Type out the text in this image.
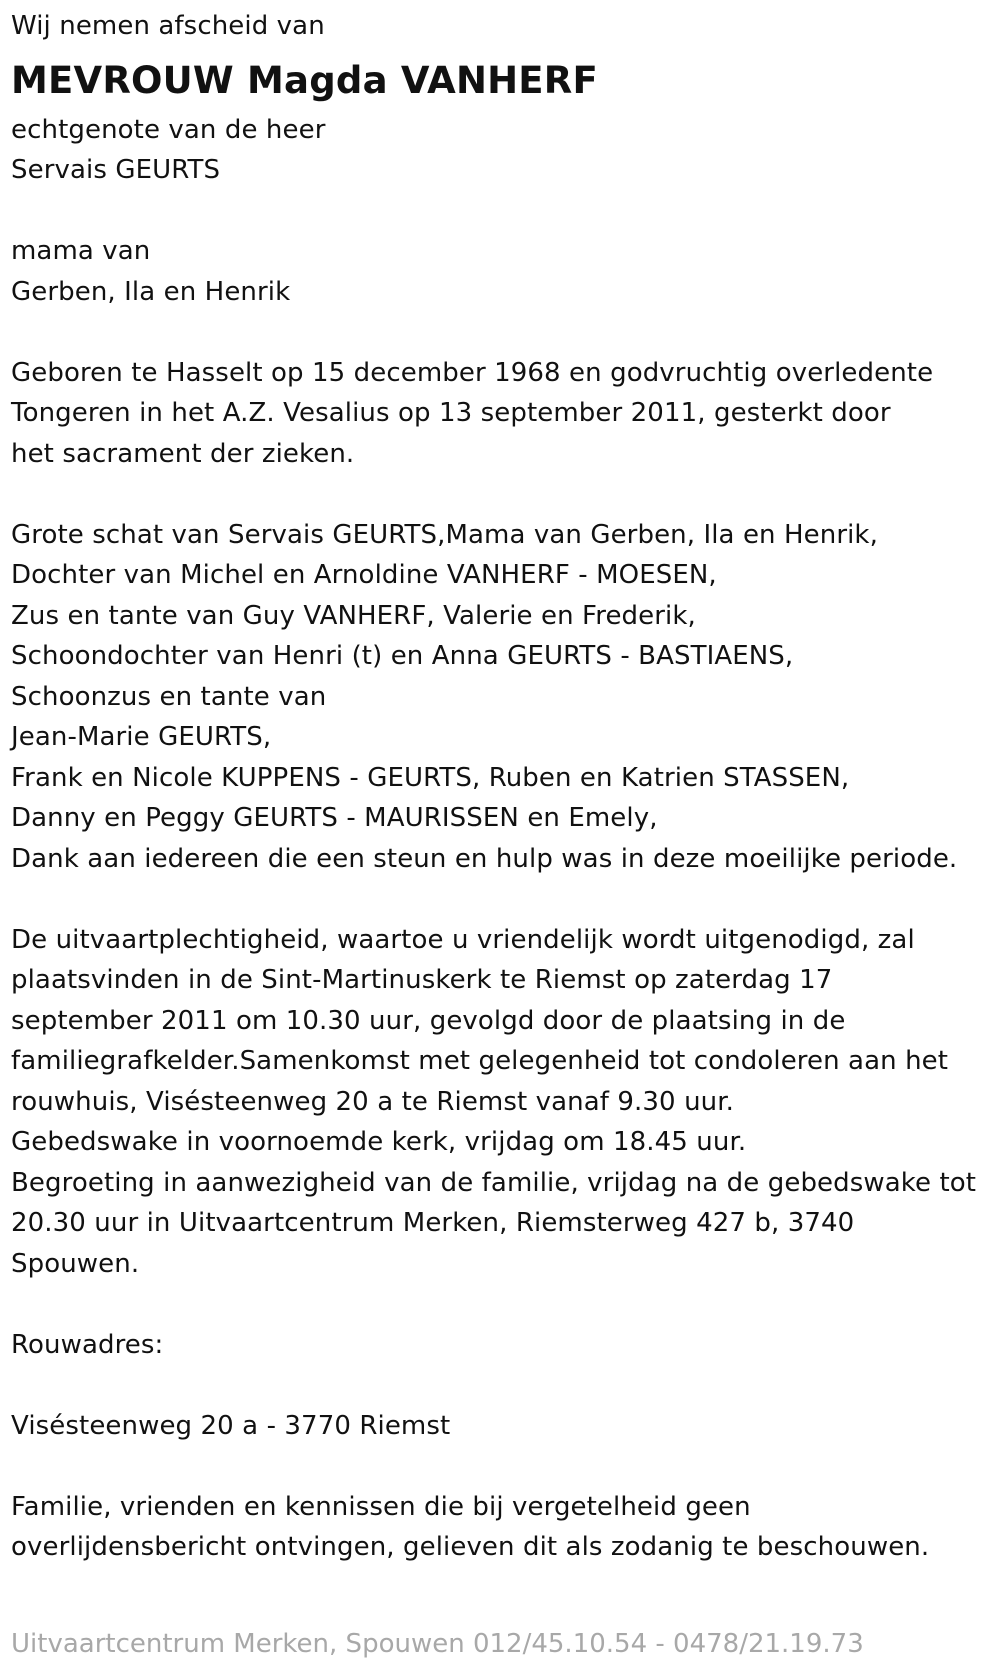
Wij nemen afscheid van
MEVROUW Magda VANHERF
echtgenote van de heer
Servais GEURTS
mama van
Gerben, Ila en Henrik
Geboren te Hasselt op 15 december 1968 en godvruchtig overledente
Tongeren in het A.Z. Vesalius op 13 september 2011, gesterkt door
het sacrament der zieken.
Grote schat van Servais GEURTS,Mama van Gerben, Ila en Henrik,
Dochter van Michel en Arnoldine VANHERF - MOESEN,
Zus en tante van Guy VANHERF, Valerie en Frederik,
Schoondochter van Henri (t) en Anna GEURTS - BASTIAENS,
Schoonzus en tante van
Jean-Marie GEURTS,
Frank en Nicole KUPPENS - GEURTS, Ruben en Katrien STASSEN,
Danny en Peggy GEURTS - MAURISSEN en Emely,
Dank aan iedereen die een steun en hulp was in deze moeilijke periode.
De uitvaartplechtigheid, waartoe u vriendelijk wordt uitgenodigd, zal
plaatsvinden in de Sint-Martinuskerk te Riemst op zaterdag 17
september 2011 om 10.30 uur, gevolgd door de plaatsing in de
familiegrafkelder.Samenkomst met gelegenheid tot condoleren aan het
rouwhuis, Visésteenweg 20 a te Riemst vanaf 9.30 uur.
Gebedswake in voornoemde kerk, vrijdag om 18.45 uur.
Begroeting in aanwezigheid van de familie, vrijdag na de gebedswake tot
20.30 uur in Uitvaartcentrum Merken, Riemsterweg 427 b, 3740
Spouwen.
Rouwadres:
Visésteenweg 20 a - 3770 Riemst
Familie, vrienden en kennissen die bij vergetelheid geen
overlijdensbericht ontvingen, gelieven dit als zodanig te beschouwen.
Uitvaartcentrum Merken, Spouwen 012/45.10.54 - 0478/21.19.73
